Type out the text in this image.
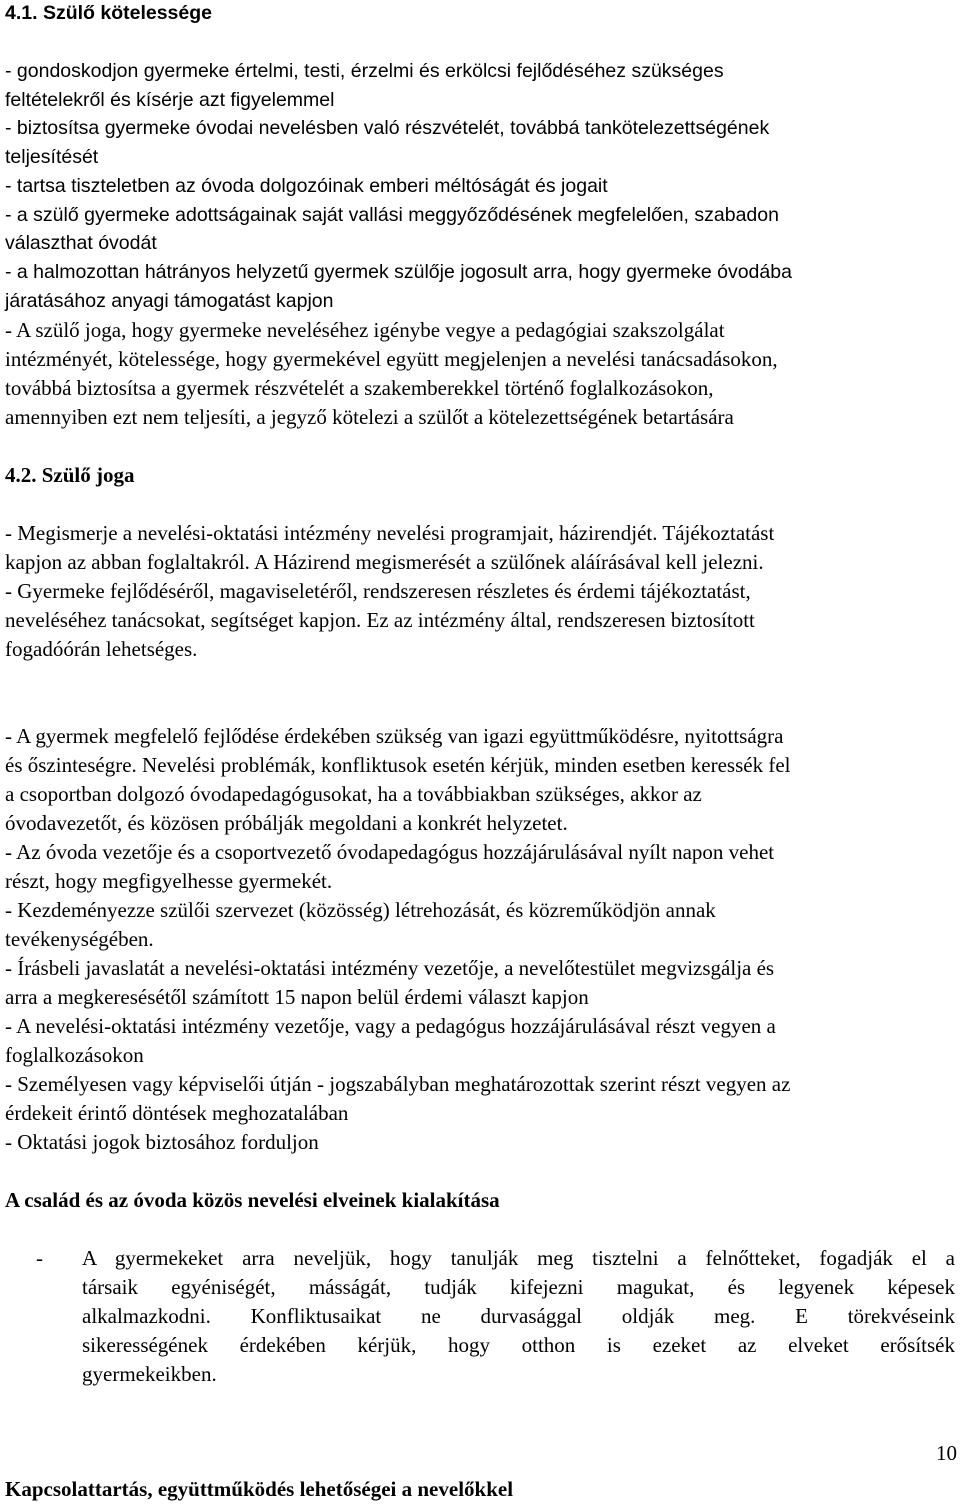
4.1. Szülő kötelessége
- gondoskodjon gyermeke értelmi, testi, érzelmi és erkölcsi fejlődéséhez szükséges
feltételekről és kísérje azt figyelemmel
- biztosítsa gyermeke óvodai nevelésben való részvételét, továbbá tankötelezettségének
teljesítését
- tartsa tiszteletben az óvoda dolgozóinak emberi méltóságát és jogait
- a szülő gyermeke adottságainak saját vallási meggyőződésének megfelelően, szabadon
választhat óvodát
- a halmozottan hátrányos helyzetű gyermek szülője jogosult arra, hogy gyermeke óvodába
járatásához anyagi támogatást kapjon
- A szülő joga, hogy gyermeke neveléséhez igénybe vegye a pedagógiai szakszolgálat
intézményét, kötelessége, hogy gyermekével együtt megjelenjen a nevelési tanácsadásokon,
továbbá biztosítsa a gyermek részvételét a szakemberekkel történő foglalkozásokon,
amennyiben ezt nem teljesíti, a jegyző kötelezi a szülőt a kötelezettségének betartására
4.2. Szülő joga
- Megismerje a nevelési-oktatási intézmény nevelési programjait, házirendjét. Tájékoztatást
kapjon az abban foglaltakról. A Házirend megismerését a szülőnek aláírásával kell jelezni.
- Gyermeke fejlődéséről, magaviseletéről, rendszeresen részletes és érdemi tájékoztatást,
neveléséhez tanácsokat, segítséget kapjon. Ez az intézmény által, rendszeresen biztosított
fogadóórán lehetséges.
- A gyermek megfelelő fejlődése érdekében szükség van igazi együttműködésre, nyitottságra
és őszinteségre. Nevelési problémák, konfliktusok esetén kérjük, minden esetben keressék fel
a csoportban dolgozó óvodapedagógusokat, ha a továbbiakban szükséges, akkor az
óvodavezetőt, és közösen próbálják megoldani a konkrét helyzetet.
- Az óvoda vezetője és a csoportvezető óvodapedagógus hozzájárulásával nyílt napon vehet
részt, hogy megfigyelhesse gyermekét.
- Kezdeményezze szülői szervezet (közösség) létrehozását, és közreműködjön annak
tevékenységében.
- Írásbeli javaslatát a nevelési-oktatási intézmény vezetője, a nevelőtestület megvizsgálja és
arra a megkeresésétől számított 15 napon belül érdemi választ kapjon
- A nevelési-oktatási intézmény vezetője, vagy a pedagógus hozzájárulásával részt vegyen a
foglalkozásokon
- Személyesen vagy képviselői útján - jogszabályban meghatározottak szerint részt vegyen az
érdekeit érintő döntések meghozatalában
- Oktatási jogok biztosához forduljon
A család és az óvoda közös nevelési elveinek kialakítása
- A gyermekeket arra neveljük, hogy tanulják meg tisztelni a felnőtteket, fogadják el a
társaik egyéniségét, másságát, tudják kifejezni magukat, és legyenek képesek
alkalmazkodni. Konfliktusaikat ne durvasággal oldják meg. E törekvéseink
sikerességének érdekében kérjük, hogy otthon is ezeket az elveket erősítsék
gyermekeikben.
10
Kapcsolattartás, együttműködés lehetőségei a nevelőkkel
